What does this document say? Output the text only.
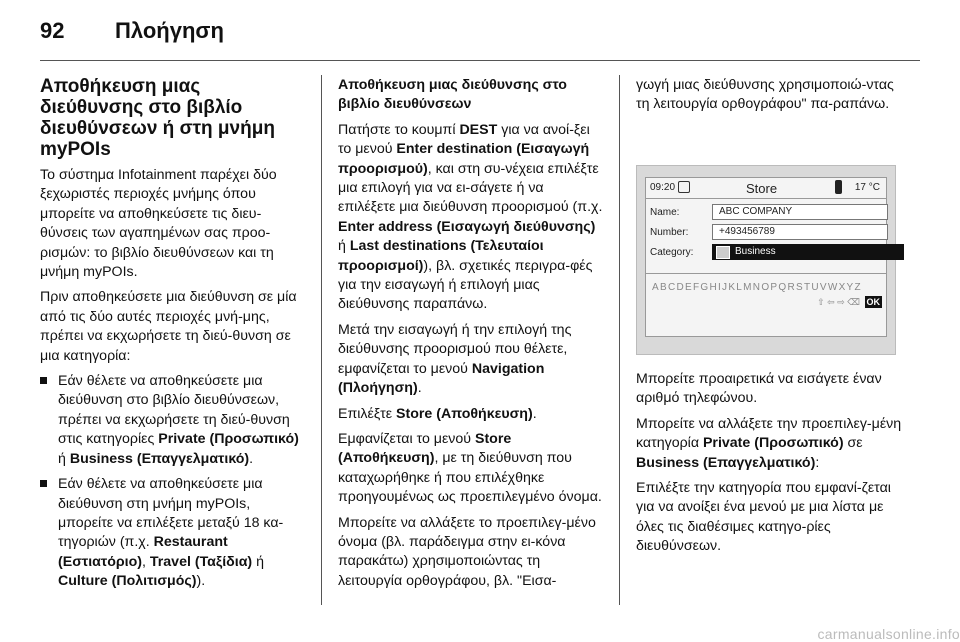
92 Πλοήγηση

Αποθήκευση μιας διεύθυνσης στο βιβλίο διευθύνσεων ή στη μνήμη myPOIs

Το σύστημα Infotainment παρέχει δύο ξεχωριστές περιοχές μνήμης όπου μπορείτε να αποθηκεύσετε τις διευ-θύνσεις των αγαπημένων σας προο-ρισμών: το βιβλίο διευθύνσεων και τη μνήμη myPOIs.

Πριν αποθηκεύσετε μια διεύθυνση σε μία από τις δύο αυτές περιοχές μνή-μης, πρέπει να εκχωρήσετε τη διεύ-θυνση σε μια κατηγορία:

Εάν θέλετε να αποθηκεύσετε μια διεύθυνση στο βιβλίο διευθύνσεων, πρέπει να εκχωρήσετε τη διεύ-θυνση στις κατηγορίες Private (Προσωπικό) ή Business (Επαγγελματικό).
Εάν θέλετε να αποθηκεύσετε μια διεύθυνση στη μνήμη myPOIs, μπορείτε να επιλέξετε μεταξύ 18 κα-τηγοριών (π.χ. Restaurant (Εστιατόριο), Travel (Ταξίδια) ή Culture (Πολιτισμός)).

Αποθήκευση μιας διεύθυνσης στο βιβλίο διευθύνσεων

Πατήστε το κουμπί DEST για να ανοί-ξει το μενού Enter destination (Εισαγωγή προορισμού), και στη συ-νέχεια επιλέξτε μια επιλογή για να ει-σάγετε ή να επιλέξετε μια διεύθυνση προορισμού (π.χ. Enter address (Εισαγωγή διεύθυνσης) ή Last destinations (Τελευταίοι προορισμοί)), βλ. σχετικές περιγρα-φές για την εισαγωγή ή επιλογή μιας διεύθυνσης παραπάνω.

Μετά την εισαγωγή ή την επιλογή της διεύθυνσης προορισμού που θέλετε, εμφανίζεται το μενού Navigation (Πλοήγηση).

Επιλέξτε Store (Αποθήκευση).

Εμφανίζεται το μενού Store (Αποθήκευση), με τη διεύθυνση που καταχωρήθηκε ή που επιλέχθηκε προηγουμένως ως προεπιλεγμένο όνομα.

Μπορείτε να αλλάξετε το προεπιλεγ-μένο όνομα (βλ. παράδειγμα στην ει-κόνα παρακάτω) χρησιμοποιώντας τη λειτουργία ορθογράφου, βλ. "Εισα-

γωγή μιας διεύθυνσης χρησιμοποιώ-ντας τη λειτουργία ορθογράφου" πα-ραπάνω.

09:20	Store	17 °C
Name:	ABC COMPANY
Number:	+493456789
Category:	Business
ABCDEFGHIJKLMNOPQRSTUVWXYZ
⇧ ⇦ ⇨ ⌫ OK

Μπορείτε προαιρετικά να εισάγετε έναν αριθμό τηλεφώνου.

Μπορείτε να αλλάξετε την προεπιλεγ-μένη κατηγορία Private (Προσωπικό) σε Business (Επαγγελματικό):

Επιλέξτε την κατηγορία που εμφανί-ζεται για να ανοίξει ένα μενού με μια λίστα με όλες τις διαθέσιμες κατηγο-ρίες διευθύνσεων.

carmanualsonline.info
